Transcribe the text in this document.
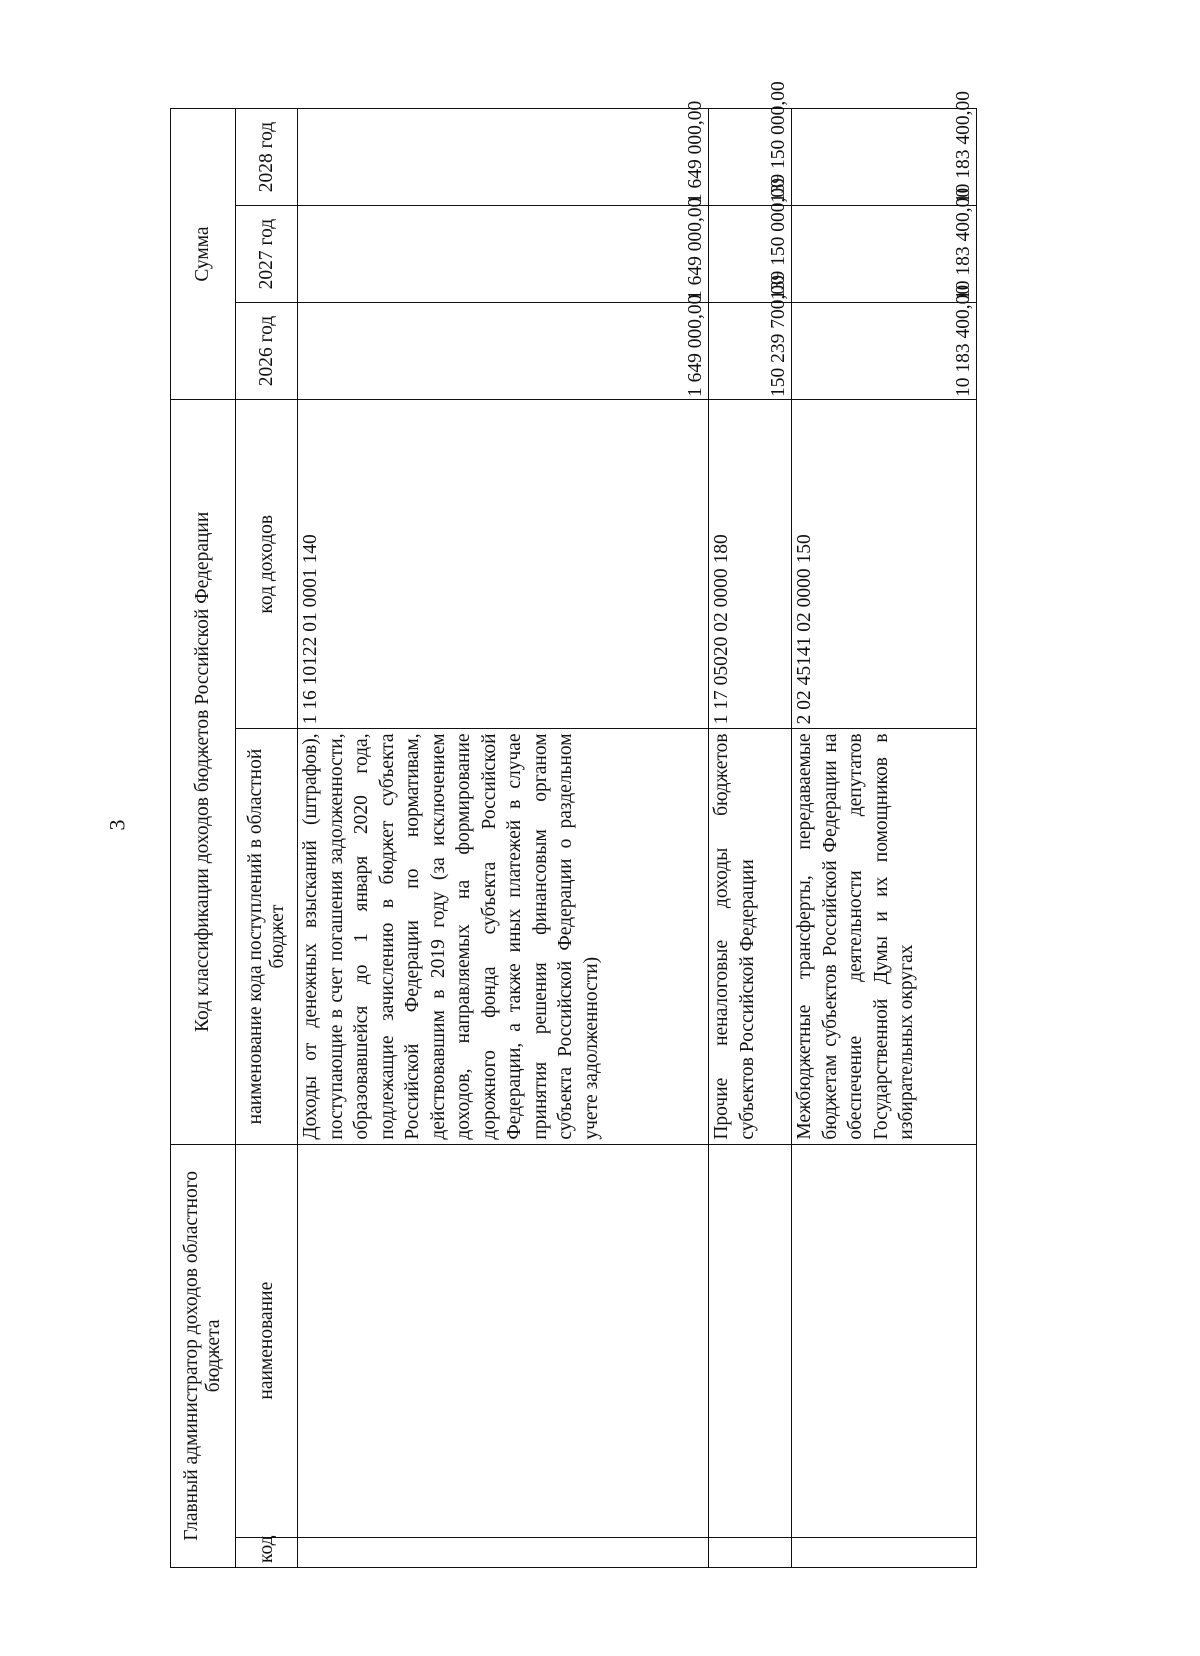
3
Главный администратор доходов областного бюджета		Код классификации доходов бюджетов Российской Федерации		Сумма		
код	наименование	наименование кода поступлений в областной бюджет	код доходов	2026 год	2027 год	2028 год
		Доходы от денежных взысканий (штрафов), поступающие в счет погашения задолженности, образовавшейся до 1 января 2020 года, подлежащие зачислению в бюджет субъекта Российской Федерации по нормативам, действовавшим в 2019 году (за исключением доходов, направляемых на формирование дорожного фонда субъекта Российской Федерации, а также иных платежей в случае принятия решения финансовым органом субъекта Российской Федерации о раздельном учете задолженности)	1 16 10122 01 0001 140	1 649 000,00	1 649 000,00	1 649 000,00
		Прочие неналоговые доходы бюджетов субъектов Российской Федерации	1 17 05020 02 0000 180	150 239 700,00	139 150 000,00	139 150 000,00
		Межбюджетные трансферты, передаваемые бюджетам субъектов Российской Федерации на обеспечение деятельности депутатов Государственной Думы и их помощников в избирательных округах	2 02 45141 02 0000 150	10 183 400,00	10 183 400,00	10 183 400,00
